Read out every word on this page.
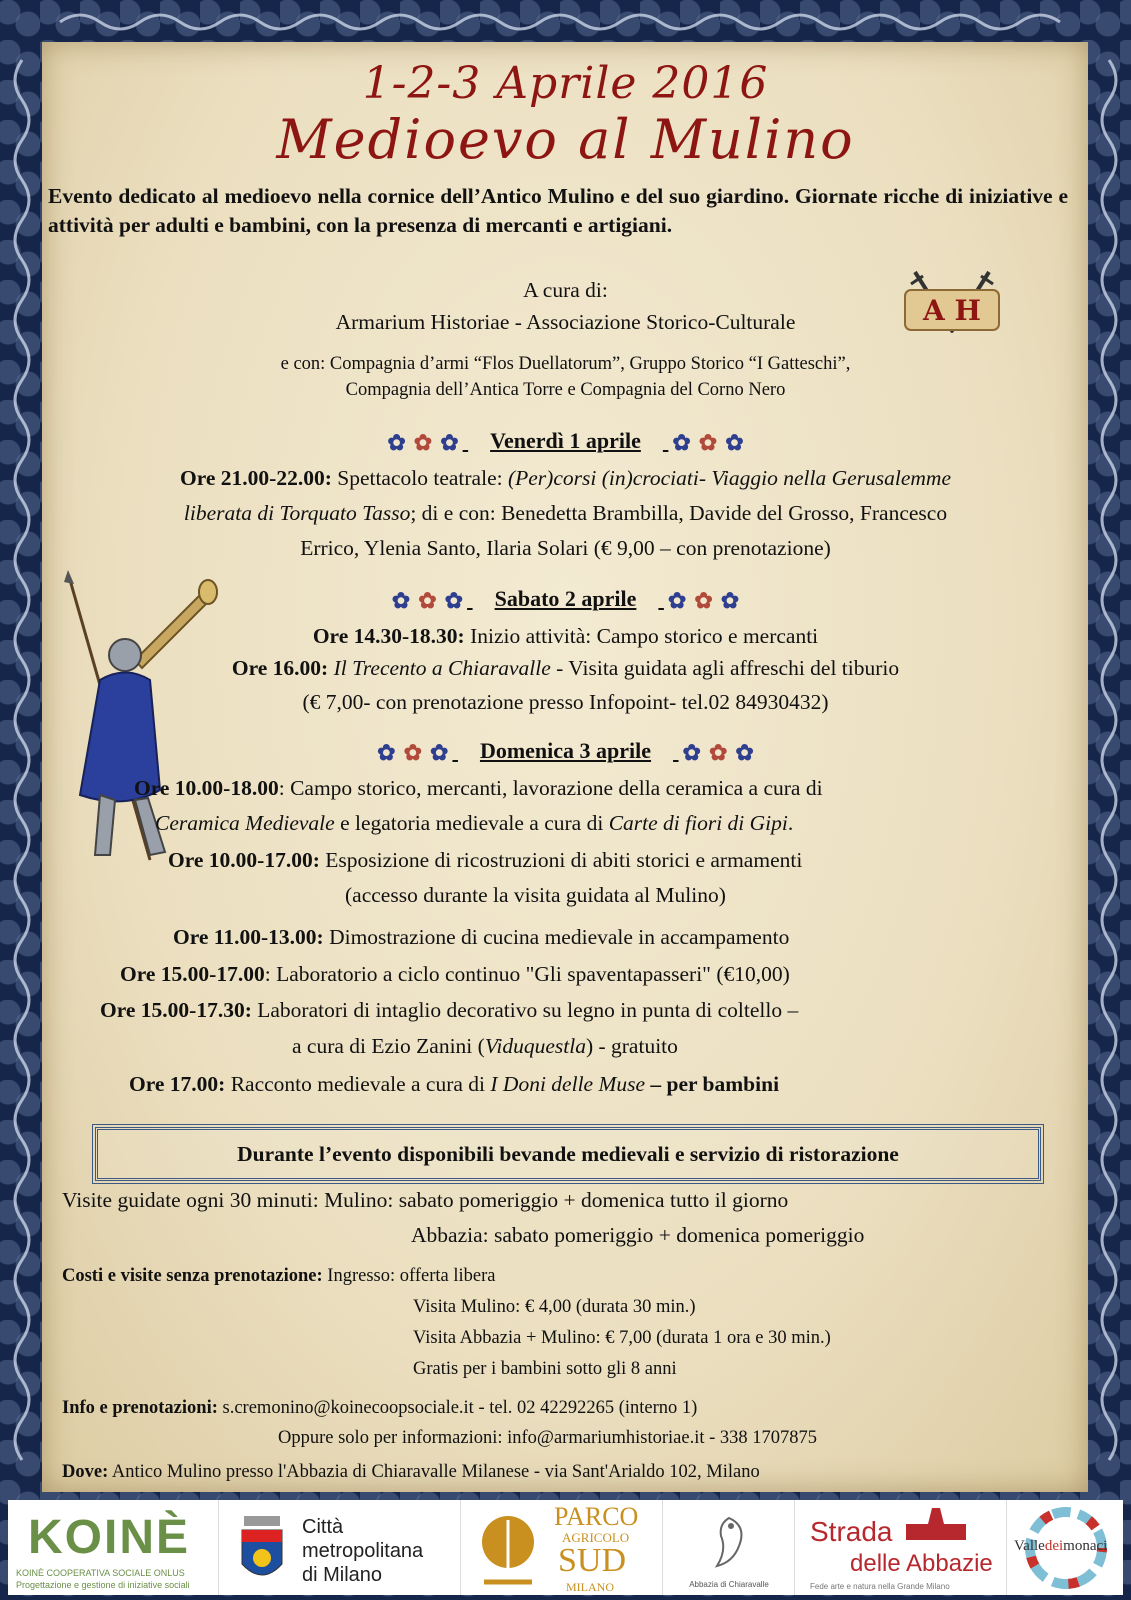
1-2-3 Aprile 2016
Medioevo al Mulino
Evento dedicato al medioevo nella cornice dell’Antico Mulino e del suo giardino. Giornate ricche di iniziative e attività per adulti e bambini, con la presenza di mercanti e artigiani.
A cura di:
Armarium Historiae - Associazione Storico-Culturale
e con: Compagnia d’armi “Flos Duellatorum”, Gruppo Storico “I Gatteschi”,
Compagnia dell’Antica Torre e Compagnia del Corno Nero
A H
✿ ✿ ✿ Venerdì 1 aprile ✿ ✿ ✿
Ore 21.00-22.00: Spettacolo teatrale: (Per)corsi (in)crociati- Viaggio nella Gerusalemme
liberata di Torquato Tasso; di e con: Benedetta Brambilla, Davide del Grosso, Francesco
Errico, Ylenia Santo, Ilaria Solari (€ 9,00 – con prenotazione)
✿ ✿ ✿ Sabato 2 aprile ✿ ✿ ✿
Ore 14.30-18.30: Inizio attività: Campo storico e mercanti
Ore 16.00: Il Trecento a Chiaravalle - Visita guidata agli affreschi del tiburio
(€ 7,00- con prenotazione presso Infopoint- tel.02 84930432)
✿ ✿ ✿ Domenica 3 aprile ✿ ✿ ✿
Ore 10.00-18.00: Campo storico, mercanti, lavorazione della ceramica a cura di
Ceramica Medievale e legatoria medievale a cura di Carte di fiori di Gipi.
Ore 10.00-17.00: Esposizione di ricostruzioni di abiti storici e armamenti
(accesso durante la visita guidata al Mulino)
Ore 11.00-13.00: Dimostrazione di cucina medievale in accampamento
Ore 15.00-17.00: Laboratorio a ciclo continuo "Gli spaventapasseri" (€10,00)
Ore 15.00-17.30: Laboratori di intaglio decorativo su legno in punta di coltello –
a cura di Ezio Zanini (Viduquestla) - gratuito
Ore 17.00: Racconto medievale a cura di I Doni delle Muse – per bambini
Durante l’evento disponibili bevande medievali e servizio di ristorazione
Visite guidate ogni 30 minuti: Mulino: sabato pomeriggio + domenica tutto il giorno
Abbazia: sabato pomeriggio + domenica pomeriggio
Costi e visite senza prenotazione: Ingresso: offerta libera
Visita Mulino: € 4,00 (durata 30 min.)
Visita Abbazia + Mulino: € 7,00 (durata 1 ora e 30 min.)
Gratis per i bambini sotto gli 8 anni
Info e prenotazioni: s.cremonino@koinecoopsociale.it - tel. 02 42292265 (interno 1)
Oppure solo per informazioni: info@armariumhistoriae.it - 338 1707875
Dove: Antico Mulino presso l'Abbazia di Chiaravalle Milanese - via Sant'Arialdo 102, Milano
KOINÈ
KOINÈ COOPERATIVA SOCIALE ONLUS
Progettazione e gestione di iniziative sociali
Città
metropolitana
di Milano
PARCO
AGRICOLO
SUD
MILANO	Abbazia di Chiaravalle
Strada
delle Abbazie
Fede arte e natura nella Grande Milano
Valledeimonaci
